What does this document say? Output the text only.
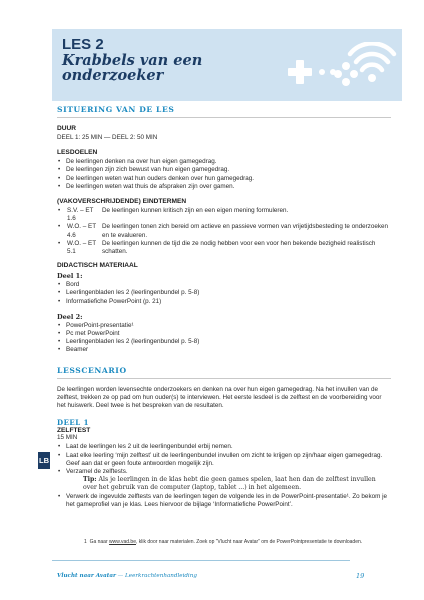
LES 2
Krabbels van een onderzoeker

SITUERING VAN DE LES

DUUR

DEEL 1: 25 MIN — DEEL 2: 50 MIN

LESDOELEN

• De leerlingen denken na over hun eigen gamegedrag.
• De leerlingen zijn zich bewust van hun eigen gamegedrag.
• De leerlingen weten wat hun ouders denken over hun gamegedrag.
• De leerlingen weten wat thuis de afspraken zijn over gamen.

(VAKOVERSCHRIJDENDE) EINDTERMEN

•	S.V. – ET 1.6
De leerlingen kunnen kritisch zijn en een eigen mening formuleren.
•	W.O. – ET 4.6
De leerlingen tonen zich bereid om actieve en passieve vormen van vrijetijdsbesteding te onderzoeken en te evalueren.
•	W.O. – ET 5.1
De leerlingen kunnen de tijd die ze nodig hebben voor een voor hen bekende bezigheid realistisch schatten.

DIDACTISCH MATERIAAL

Deel 1:

• Bord
• Leerlingenbladen les 2 (leerlingenbundel p. 5-8)
• Informatiefiche PowerPoint (p. 21)

Deel 2:

• PowerPoint-presentatie¹
• Pc met PowerPoint
• Leerlingenbladen les 2 (leerlingenbundel p. 5-8)
• Beamer

LESSCENARIO

De leerlingen worden levensechte onderzoekers en denken na over hun eigen gamegedrag. Na het invullen van de zelftest, trekken ze op pad om hun ouder(s) te interviewen. Het eerste lesdeel is de zelftest en de voorbereiding voor het huiswerk. Deel twee is het bespreken van de resultaten.

DEEL 1

ZELFTEST

15 MIN

• Laat de leerlingen les 2 uit de leerlingenbundel erbij nemen.
• Laat elke leerling ‘mijn zelftest’ uit de leerlingenbundel invullen om zicht te krijgen op zijn/haar eigen gamegedrag. Geef aan dat er geen foute antwoorden mogelijk zijn.
• Verzamel de zelftests.
Tip: Als je leerlingen in de klas hebt die geen games spelen, laat hen dan de zelftest invullen over het gebruik van de computer (laptop, tablet ...) in het algemeen.
• Verwerk de ingevulde zelftests van de leerlingen tegen de volgende les in de PowerPoint-presentatie¹. Zo bekom je het gameprofiel van je klas. Lees hiervoor de bijlage ‘Informatiefiche PowerPoint’.
LB
1 Ga naar www.vad.be, klik door naar materialen. Zoek op “Vlucht naar Avatar” om de PowerPointpresentatie te downloaden.
Vlucht naar Avatar — Leerkrachtenhandleiding	19
